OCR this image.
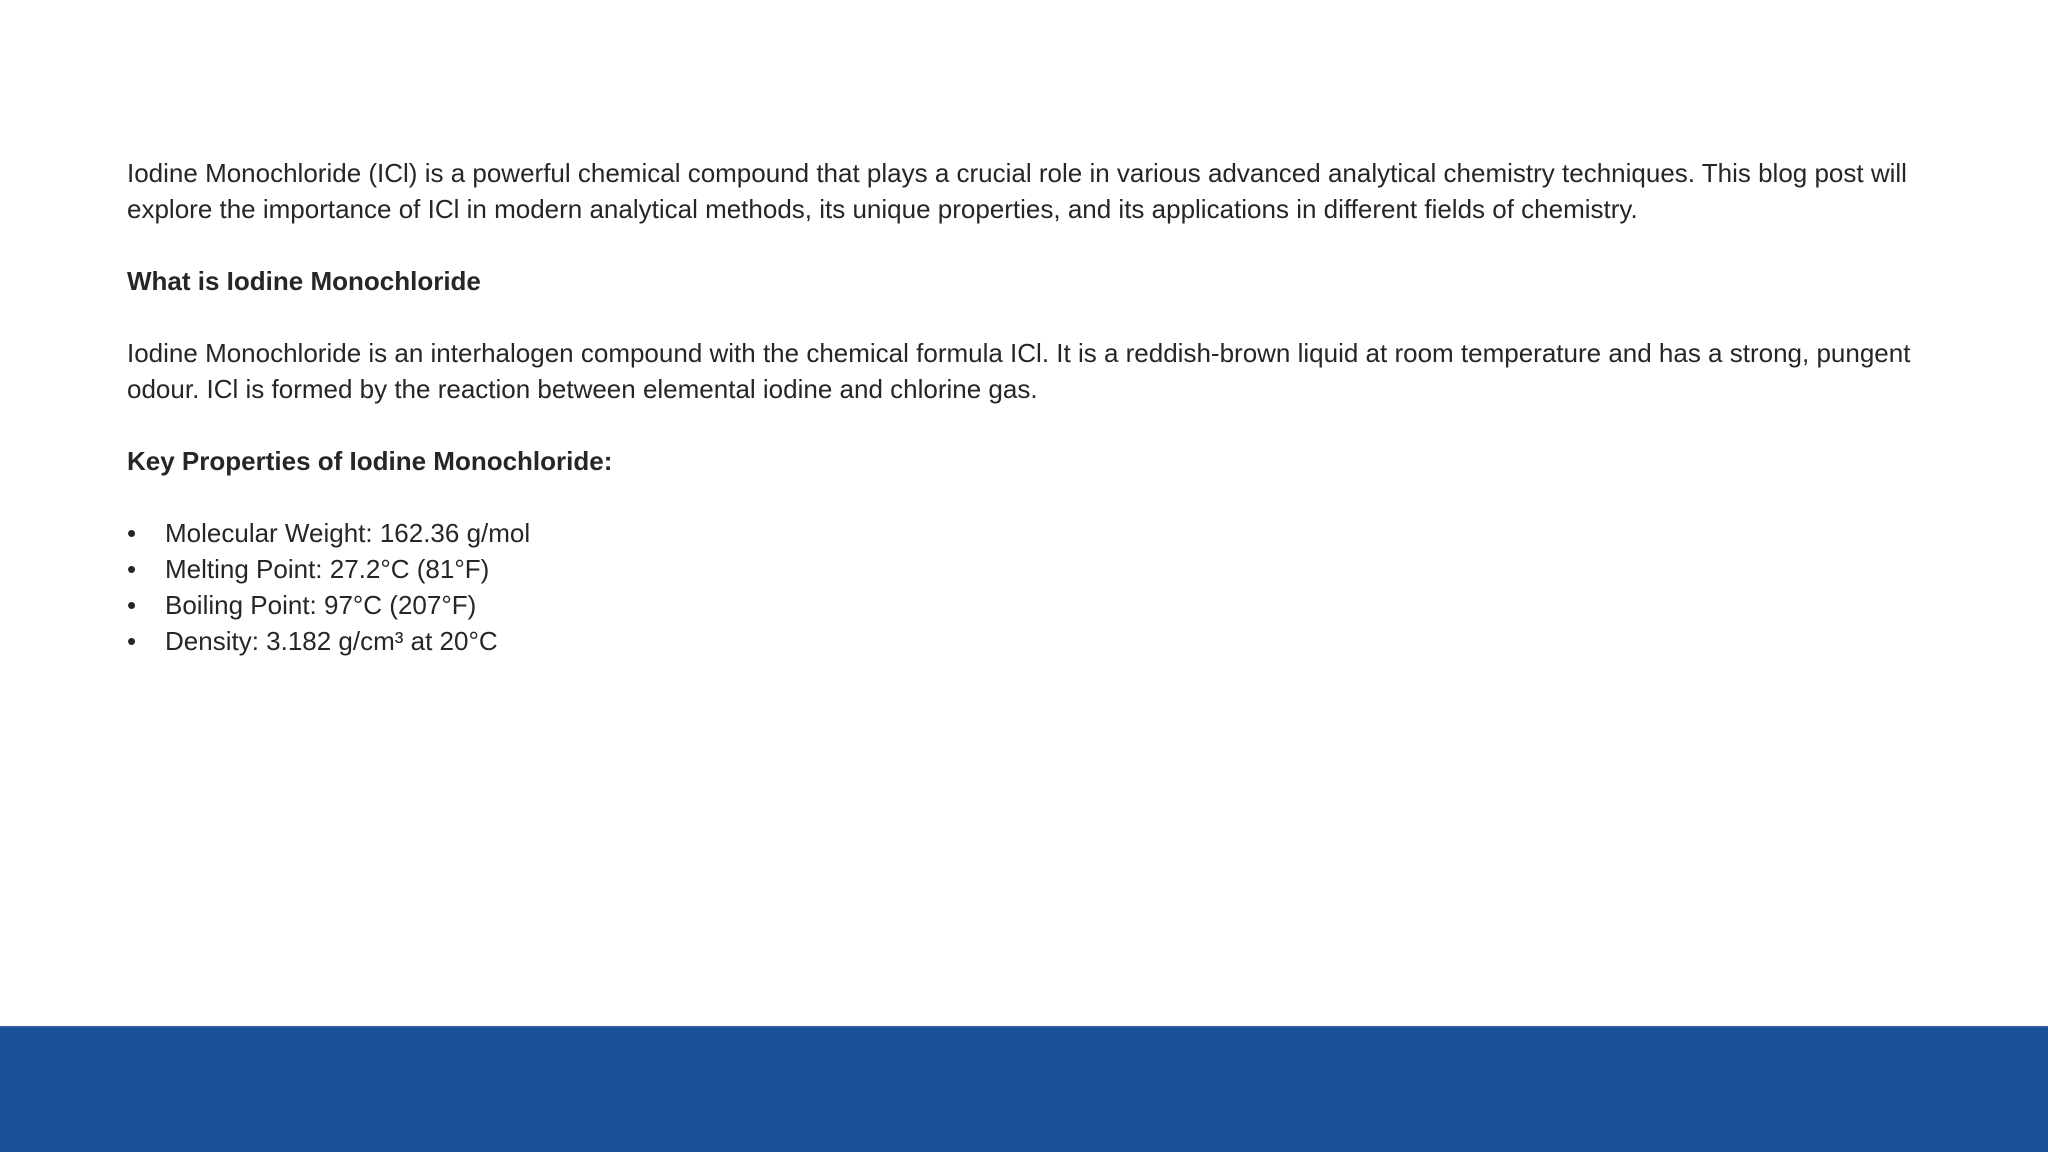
Iodine Monochloride (ICl) is a powerful chemical compound that plays a crucial role in various advanced analytical chemistry techniques. This blog post will explore the importance of ICl in modern analytical methods, its unique properties, and its applications in different fields of chemistry.

What is Iodine Monochloride

Iodine Monochloride is an interhalogen compound with the chemical formula ICl. It is a reddish-brown liquid at room temperature and has a strong, pungent odour. ICl is formed by the reaction between elemental iodine and chlorine gas.

Key Properties of Iodine Monochloride:

•	Molecular Weight: 162.36 g/mol
•	Melting Point: 27.2°C (81°F)
•	Boiling Point: 97°C (207°F)
•	Density: 3.182 g/cm³ at 20°C
